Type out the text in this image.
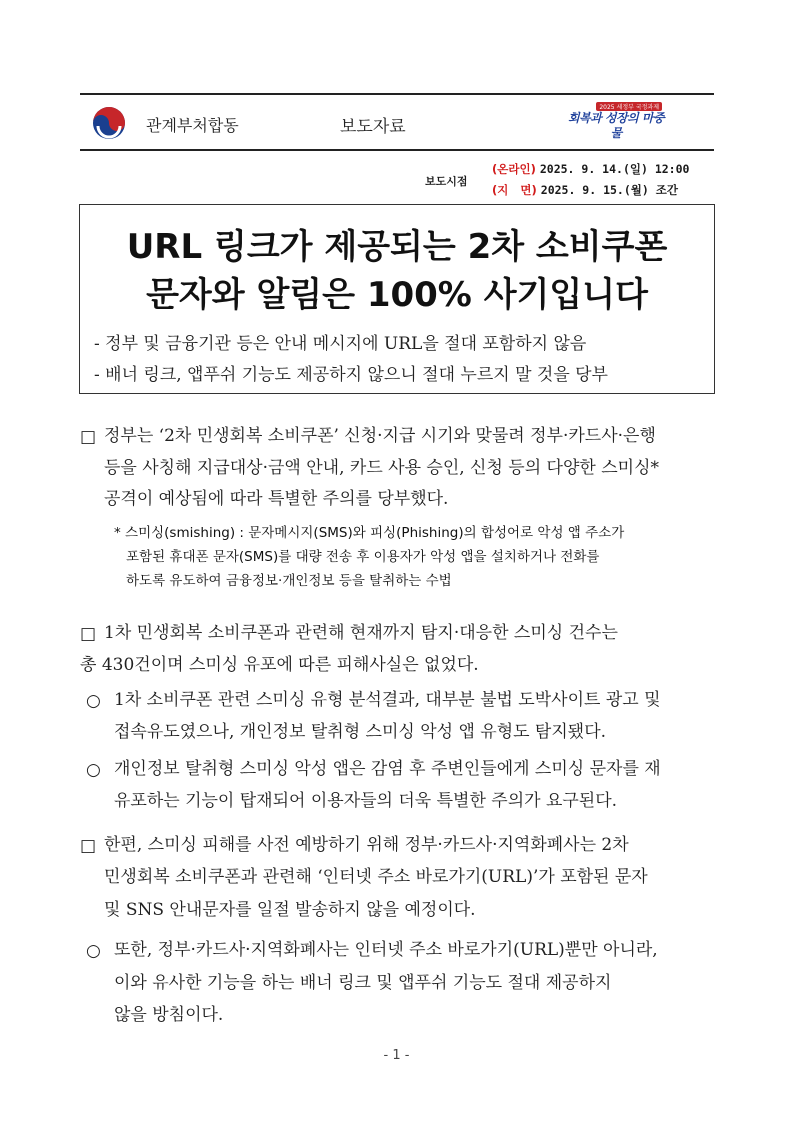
관계부처합동	보도자료
2025 세정부 국정과제
회복과 성장의 마중물
보도시점
(온라인) 2025. 9. 14.(일) 12:00
(지   면) 2025. 9. 15.(월) 조간
URL 링크가 제공되는 2차 소비쿠폰
문자와 알림은 100% 사기입니다
- 정부 및 금융기관 등은 안내 메시지에 URL을 절대 포함하지 않음
- 배너 링크, 앱푸쉬 기능도 제공하지 않으니 절대 누르지 말 것을 당부
□ 정부는 ‘2차 민생회복 소비쿠폰’ 신청·지급 시기와 맞물려 정부·카드사·은행
등을 사칭해 지급대상·금액 안내, 카드 사용 승인, 신청 등의 다양한 스미싱*
공격이 예상됨에 따라 특별한 주의를 당부했다.
* 스미싱(smishing) : 문자메시지(SMS)와 피싱(Phishing)의 합성어로 악성 앱 주소가
포함된 휴대폰 문자(SMS)를 대량 전송 후 이용자가 악성 앱을 설치하거나 전화를
하도록 유도하여 금융정보·개인정보 등을 탈취하는 수법
□ 1차 민생회복 소비쿠폰과 관련해 현재까지 탐지·대응한 스미싱 건수는
총 430건이며 스미싱 유포에 따른 피해사실은 없었다.
○ 1차 소비쿠폰 관련 스미싱 유형 분석결과, 대부분 불법 도박사이트 광고 및
접속유도였으나, 개인정보 탈취형 스미싱 악성 앱 유형도 탐지됐다.
○ 개인정보 탈취형 스미싱 악성 앱은 감염 후 주변인들에게 스미싱 문자를 재
유포하는 기능이 탑재되어 이용자들의 더욱 특별한 주의가 요구된다.
□ 한편, 스미싱 피해를 사전 예방하기 위해 정부·카드사·지역화폐사는 2차
민생회복 소비쿠폰과 관련해 ‘인터넷 주소 바로가기(URL)’가 포함된 문자
및 SNS 안내문자를 일절 발송하지 않을 예정이다.
○ 또한, 정부·카드사·지역화폐사는 인터넷 주소 바로가기(URL)뿐만 아니라,
이와 유사한 기능을 하는 배너 링크 및 앱푸쉬 기능도 절대 제공하지
않을 방침이다.
- 1 -
